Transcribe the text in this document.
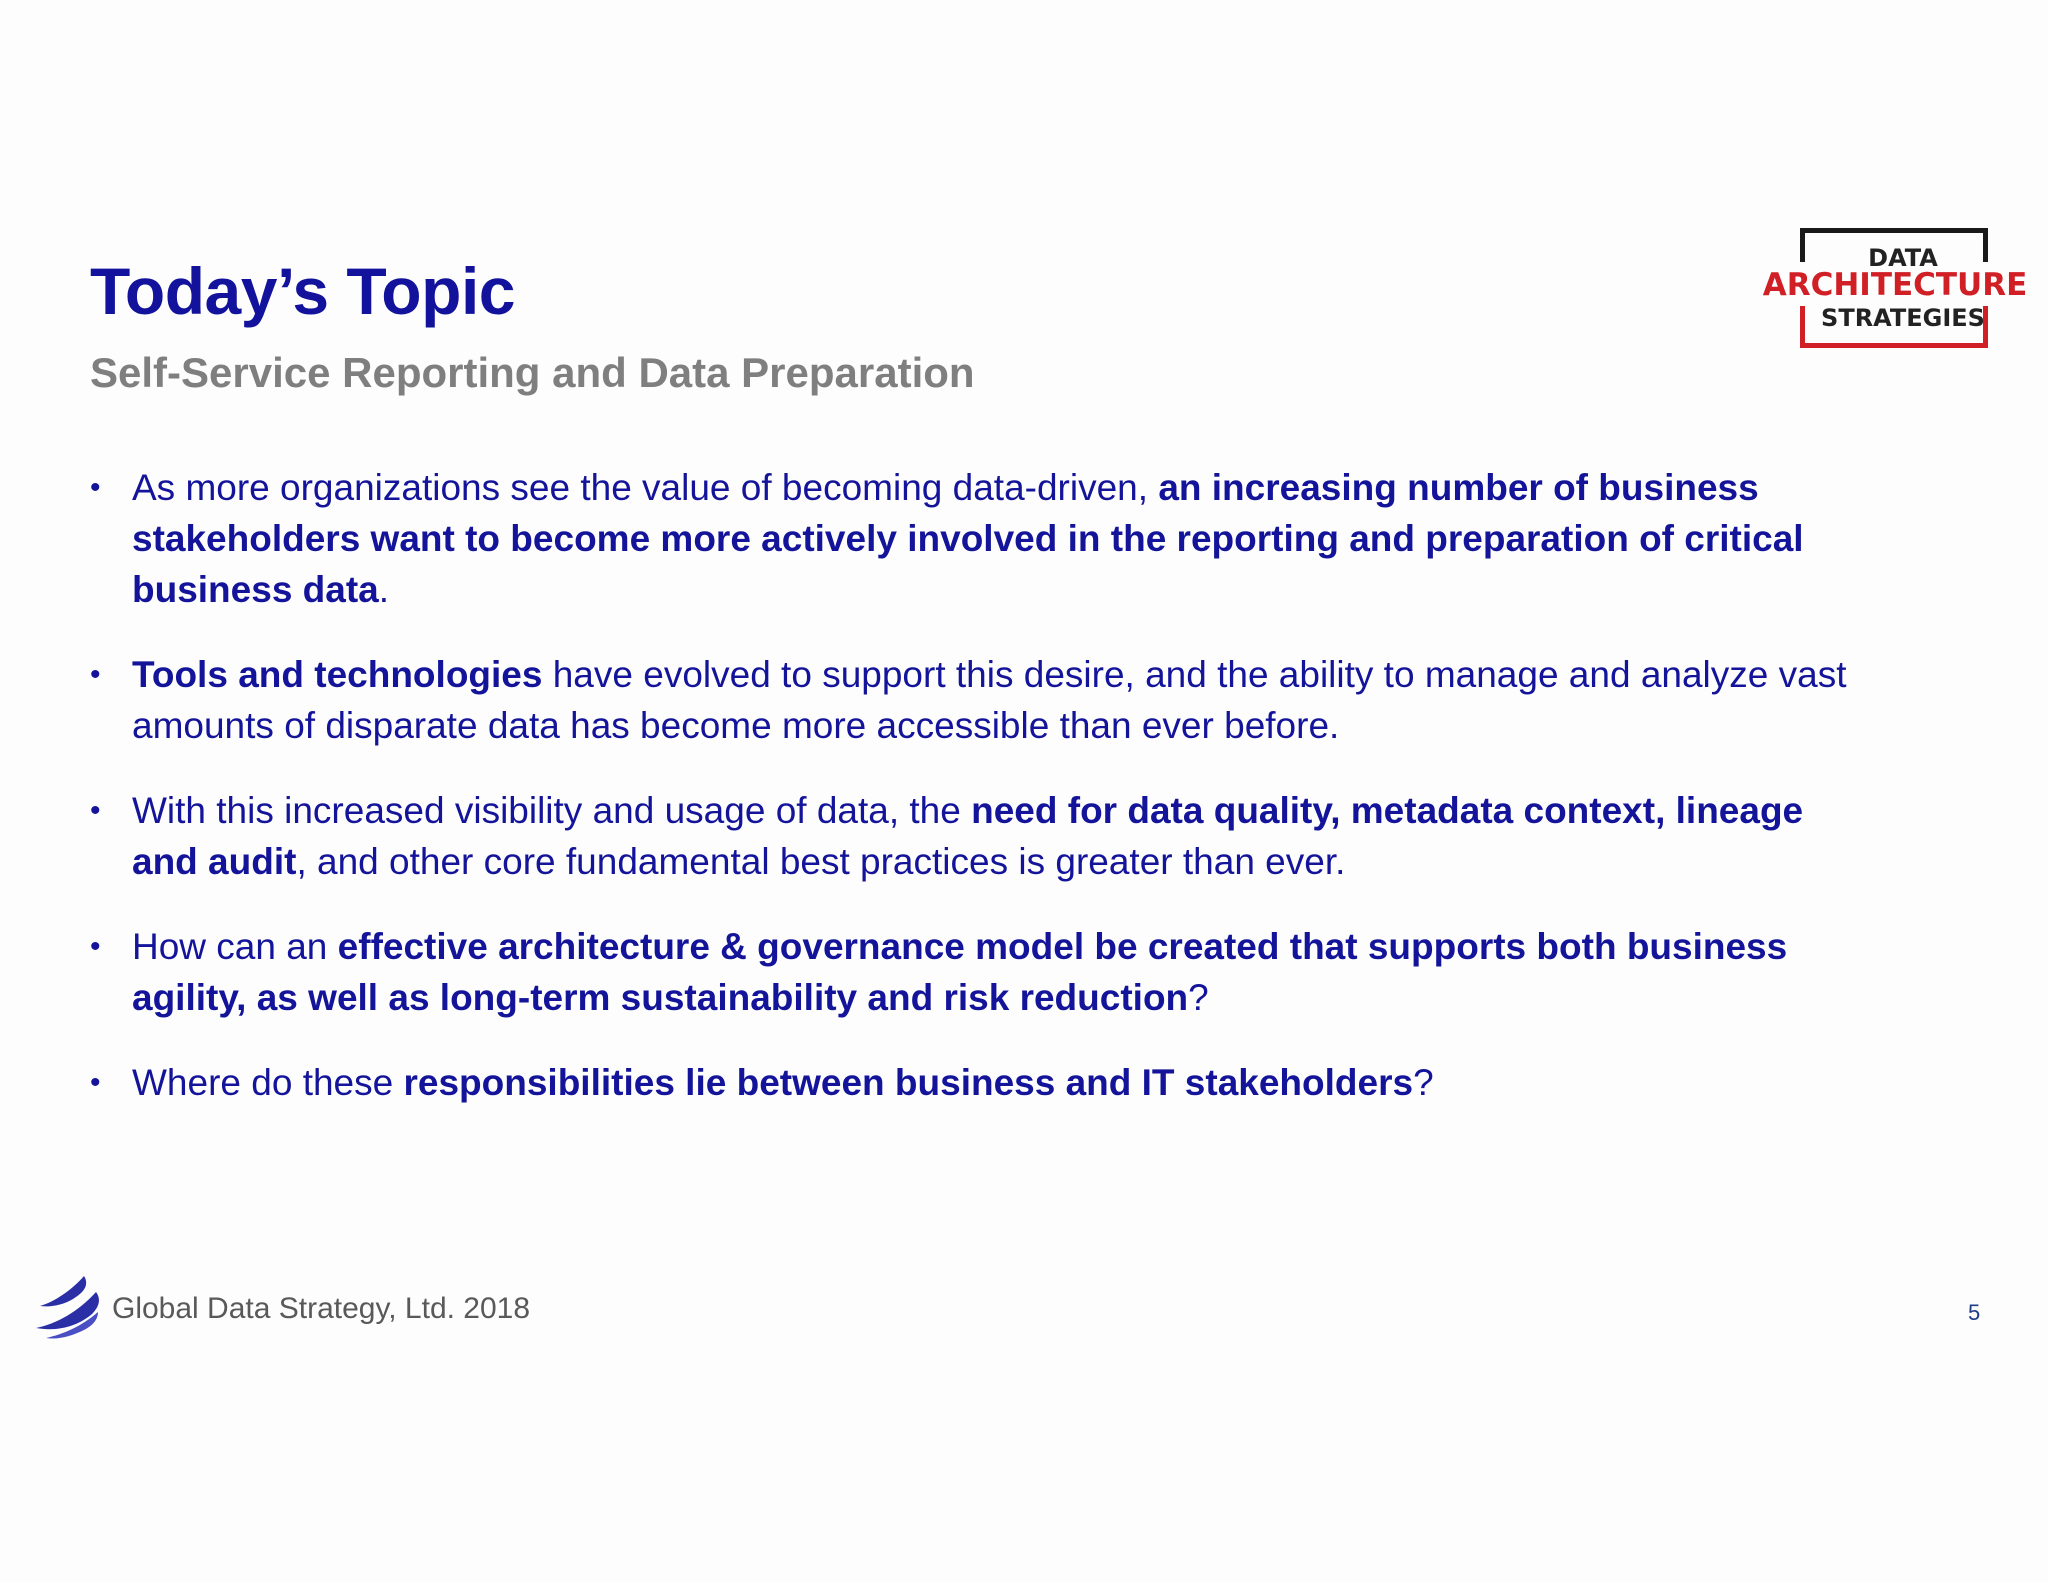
Today’s Topic
Self-Service Reporting and Data Preparation
DATA
ARCHITECTURE
STRATEGIES
• As more organizations see the value of becoming data-driven, an increasing number of business stakeholders want to become more actively involved in the reporting and preparation of critical business data.
• Tools and technologies have evolved to support this desire, and the ability to manage and analyze vast amounts of disparate data has become more accessible than ever before.
• With this increased visibility and usage of data, the need for data quality, metadata context, lineage and audit, and other core fundamental best practices is greater than ever.
• How can an effective architecture & governance model be created that supports both business agility, as well as long-term sustainability and risk reduction?
• Where do these responsibilities lie between business and IT stakeholders?
Global Data Strategy, Ltd. 2018	5
